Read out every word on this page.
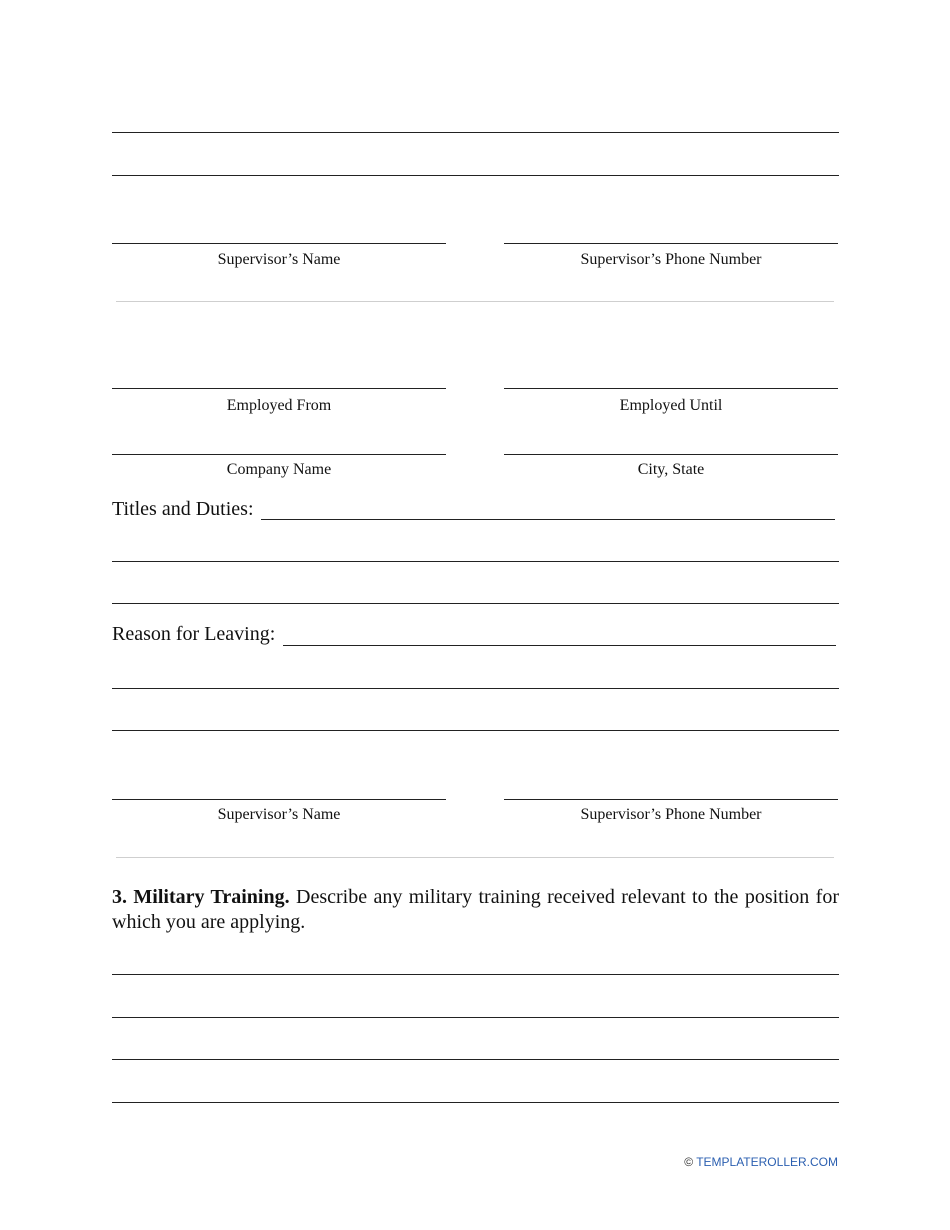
Supervisor’s Name	Supervisor’s Phone Number
Employed From	Employed Until
Company Name	City, State
Titles and Duties:
Reason for Leaving:
Supervisor’s Name	Supervisor’s Phone Number
3. Military Training. Describe any military training received relevant to the position for which you are applying.
© TEMPLATEROLLER.COM
